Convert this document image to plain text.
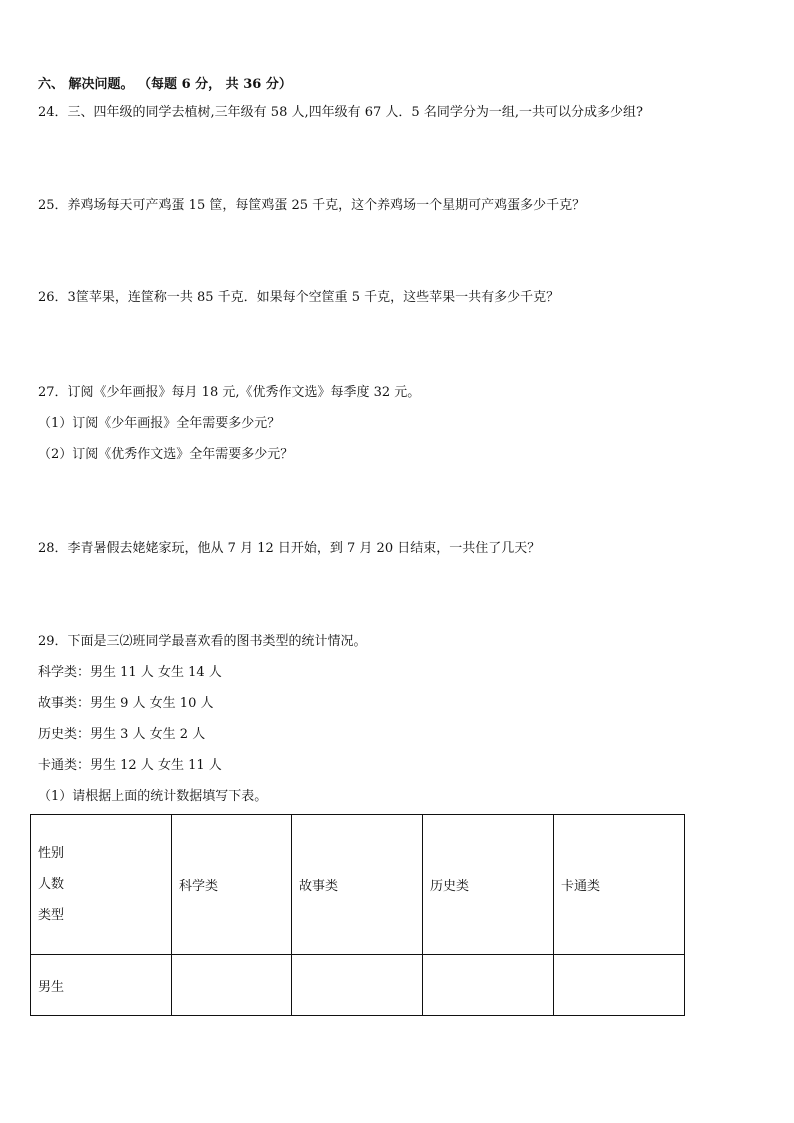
六、 解决问题。 （每题 6 分， 共 36 分）
24．三、四年级的同学去植树,三年级有 58 人,四年级有 67 人．5 名同学分为一组,一共可以分成多少组?
25．养鸡场每天可产鸡蛋 15 筐，每筐鸡蛋 25 千克，这个养鸡场一个星期可产鸡蛋多少千克？
26．3筐苹果，连筐称一共 85 千克．如果每个空筐重 5 千克，这些苹果一共有多少千克？
27．订阅《少年画报》每月 18 元,《优秀作文选》每季度 32 元。
（1）订阅《少年画报》全年需要多少元？
（2）订阅《优秀作文选》全年需要多少元？
28．李青暑假去姥姥家玩，他从 7 月 12 日开始，到 7 月 20 日结束，一共住了几天？
29．下面是三⑵班同学最喜欢看的图书类型的统计情况。
科学类：男生 11 人 女生 14 人
故事类：男生 9 人 女生 10 人
历史类：男生 3 人 女生 2 人
卡通类：男生 12 人 女生 11 人
（1）请根据上面的统计数据填写下表。
性别
人数
类型	科学类	故事类	历史类	卡通类
男生				
